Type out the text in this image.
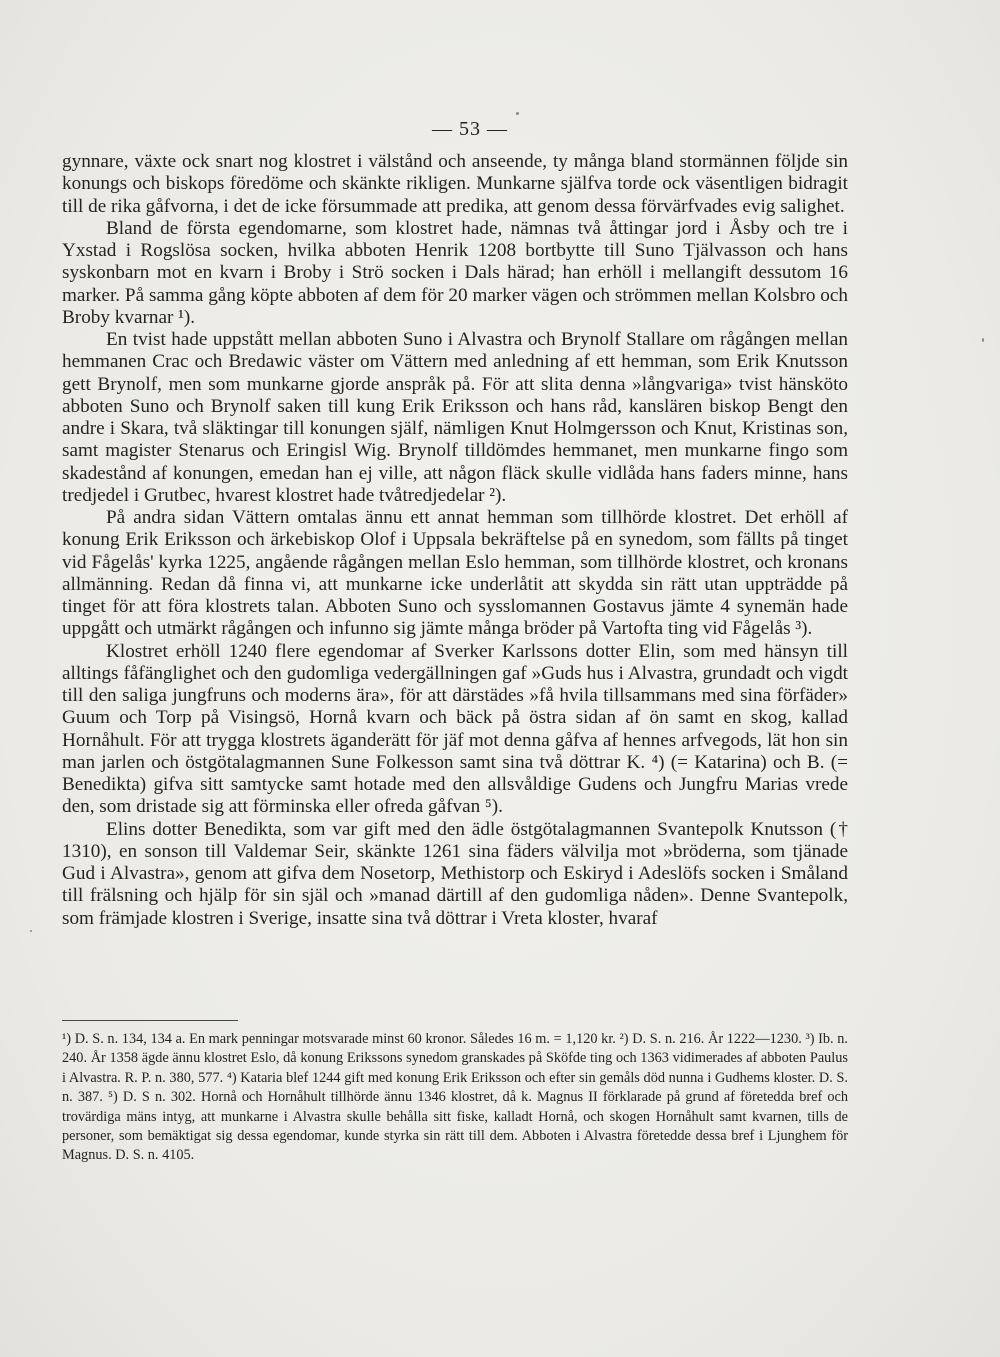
— 53 —

gynnare, växte ock snart nog klostret i välstånd och anseende, ty många bland stormännen följde sin konungs och biskops föredöme och skänkte rikligen. Munkarne själfva torde ock väsentligen bidragit till de rika gåfvorna, i det de icke försummade att predika, att genom dessa förvärfvades evig salighet.

Bland de första egendomarne, som klostret hade, nämnas två åttingar jord i Åsby och tre i Yxstad i Rogslösa socken, hvilka abboten Henrik 1208 bortbytte till Suno Tjälvasson och hans syskonbarn mot en kvarn i Broby i Strö socken i Dals härad; han erhöll i mellangift dessutom 16 marker. På samma gång köpte abboten af dem för 20 marker vägen och strömmen mellan Kolsbro och Broby kvarnar ¹).

En tvist hade uppstått mellan abboten Suno i Alvastra och Brynolf Stallare om rågången mellan hemmanen Crac och Bredawic väster om Vättern med anledning af ett hemman, som Erik Knutsson gett Brynolf, men som munkarne gjorde anspråk på. För att slita denna »långvariga» tvist hänsköto abboten Suno och Brynolf saken till kung Erik Eriksson och hans råd, kanslären biskop Bengt den andre i Skara, två släktingar till konungen själf, nämligen Knut Holmgersson och Knut, Kristinas son, samt magister Stenarus och Eringisl Wig. Brynolf tilldömdes hemmanet, men munkarne fingo som skadestånd af konungen, emedan han ej ville, att någon fläck skulle vidlåda hans faders minne, hans tredjedel i Grutbec, hvarest klostret hade tvåtredjedelar ²).

På andra sidan Vättern omtalas ännu ett annat hemman som tillhörde klostret. Det erhöll af konung Erik Eriksson och ärkebiskop Olof i Uppsala bekräftelse på en synedom, som fällts på tinget vid Fågelås' kyrka 1225, angående rågången mellan Eslo hemman, som tillhörde klostret, och kronans allmänning. Redan då finna vi, att munkarne icke underlåtit att skydda sin rätt utan uppträdde på tinget för att föra klostrets talan. Abboten Suno och sysslomannen Gostavus jämte 4 synemän hade uppgått och utmärkt rågången och infunno sig jämte många bröder på Vartofta ting vid Fågelås ³).

Klostret erhöll 1240 flere egendomar af Sverker Karlssons dotter Elin, som med hänsyn till alltings fåfänglighet och den gudomliga vedergällningen gaf »Guds hus i Alvastra, grundadt och vigdt till den saliga jungfruns och moderns ära», för att därstädes »få hvila tillsammans med sina förfäder» Guum och Torp på Visingsö, Hornå kvarn och bäck på östra sidan af ön samt en skog, kallad Hornåhult. För att trygga klostrets äganderätt för jäf mot denna gåfva af hennes arfvegods, lät hon sin man jarlen och östgötalagmannen Sune Folkesson samt sina två döttrar K. ⁴) (= Katarina) och B. (= Benedikta) gifva sitt samtycke samt hotade med den allsvåldige Gudens och Jungfru Marias vrede den, som dristade sig att förminska eller ofreda gåfvan ⁵).

Elins dotter Benedikta, som var gift med den ädle östgötalagmannen Svantepolk Knutsson († 1310), en sonson till Valdemar Seir, skänkte 1261 sina fäders välvilja mot »bröderna, som tjänade Gud i Alvastra», genom att gifva dem Nosetorp, Methistorp och Eskiryd i Adeslöfs socken i Småland till frälsning och hjälp för sin själ och »manad därtill af den gudomliga nåden». Denne Svantepolk, som främjade klostren i Sverige, insatte sina två döttrar i Vreta kloster, hvaraf

¹) D. S. n. 134, 134 a. En mark penningar motsvarade minst 60 kronor. Således 16 m. = 1,120 kr. ²) D. S. n. 216. År 1222—1230. ³) Ib. n. 240. År 1358 ägde ännu klostret Eslo, då konung Erikssons synedom granskades på Sköfde ting och 1363 vidimerades af abboten Paulus i Alvastra. R. P. n. 380, 577. ⁴) Kataria blef 1244 gift med konung Erik Eriksson och efter sin gemåls död nunna i Gudhems kloster. D. S. n. 387. ⁵) D. S n. 302. Hornå och Hornåhult tillhörde ännu 1346 klostret, då k. Magnus II förklarade på grund af företedda bref och trovärdiga mäns intyg, att munkarne i Alvastra skulle behålla sitt fiske, kalladt Hornå, och skogen Hornåhult samt kvarnen, tills de personer, som bemäktigat sig dessa egendomar, kunde styrka sin rätt till dem. Abboten i Alvastra företedde dessa bref i Ljunghem för Magnus. D. S. n. 4105.
